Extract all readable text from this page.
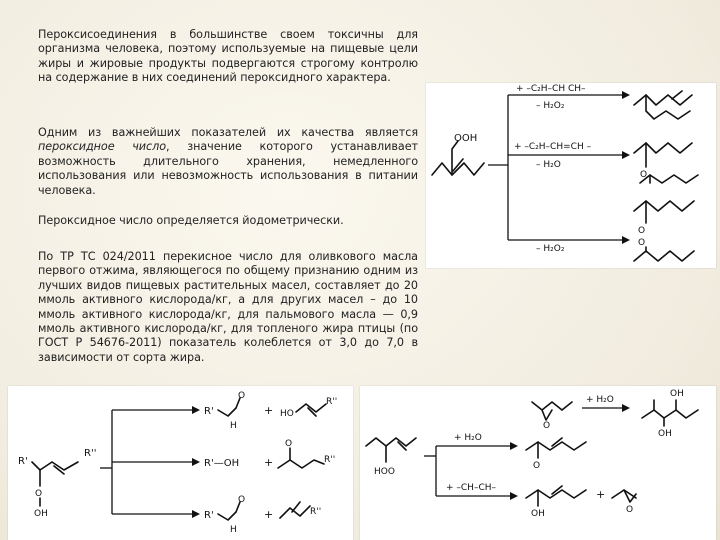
Пероксисоединения в большинстве своем токсичны для организма человека, поэтому используемые на пищевые цели жиры и жировые продукты подвергаются строгому контролю на содержание в них соединений пероксидного характера.
Одним из важнейших показателей их качества является пероксидное число, значение которого устанавливает возможность длительного хранения, немедленного использования или невозможность использования в питании человека.
Пероксидное число определяется йодометрически.
По ТР ТС 024/2011 перекисное число для оливкового масла первого отжима, являющегося по общему признанию одним из лучших видов пищевых растительных масел, составляет до 20 ммоль активного кислорода/кг, а для других масел – до 10 ммоль активного кислорода/кг, для пальмового масла — 0,9 ммоль активного кислорода/кг, для топленого жира птицы (по ГОСТ Р 54676-2011) показатель колеблется от 3,0 до 7,0 в зависимости от сорта жира.
OOH
+ –C₂H–CH CH–
– H₂O₂
+ –C₂H–CH=CH –
– H₂O
– H₂O₂
O
O
O
R'
R''
O
OH
R'
O
H
+ HO
R''
R'—OH +
O
R''
R'
O
H
+	R''
HOO
O
+ H₂O
OH
OH
+ H₂O
+ –CH–CH–
O
OH
+
O
